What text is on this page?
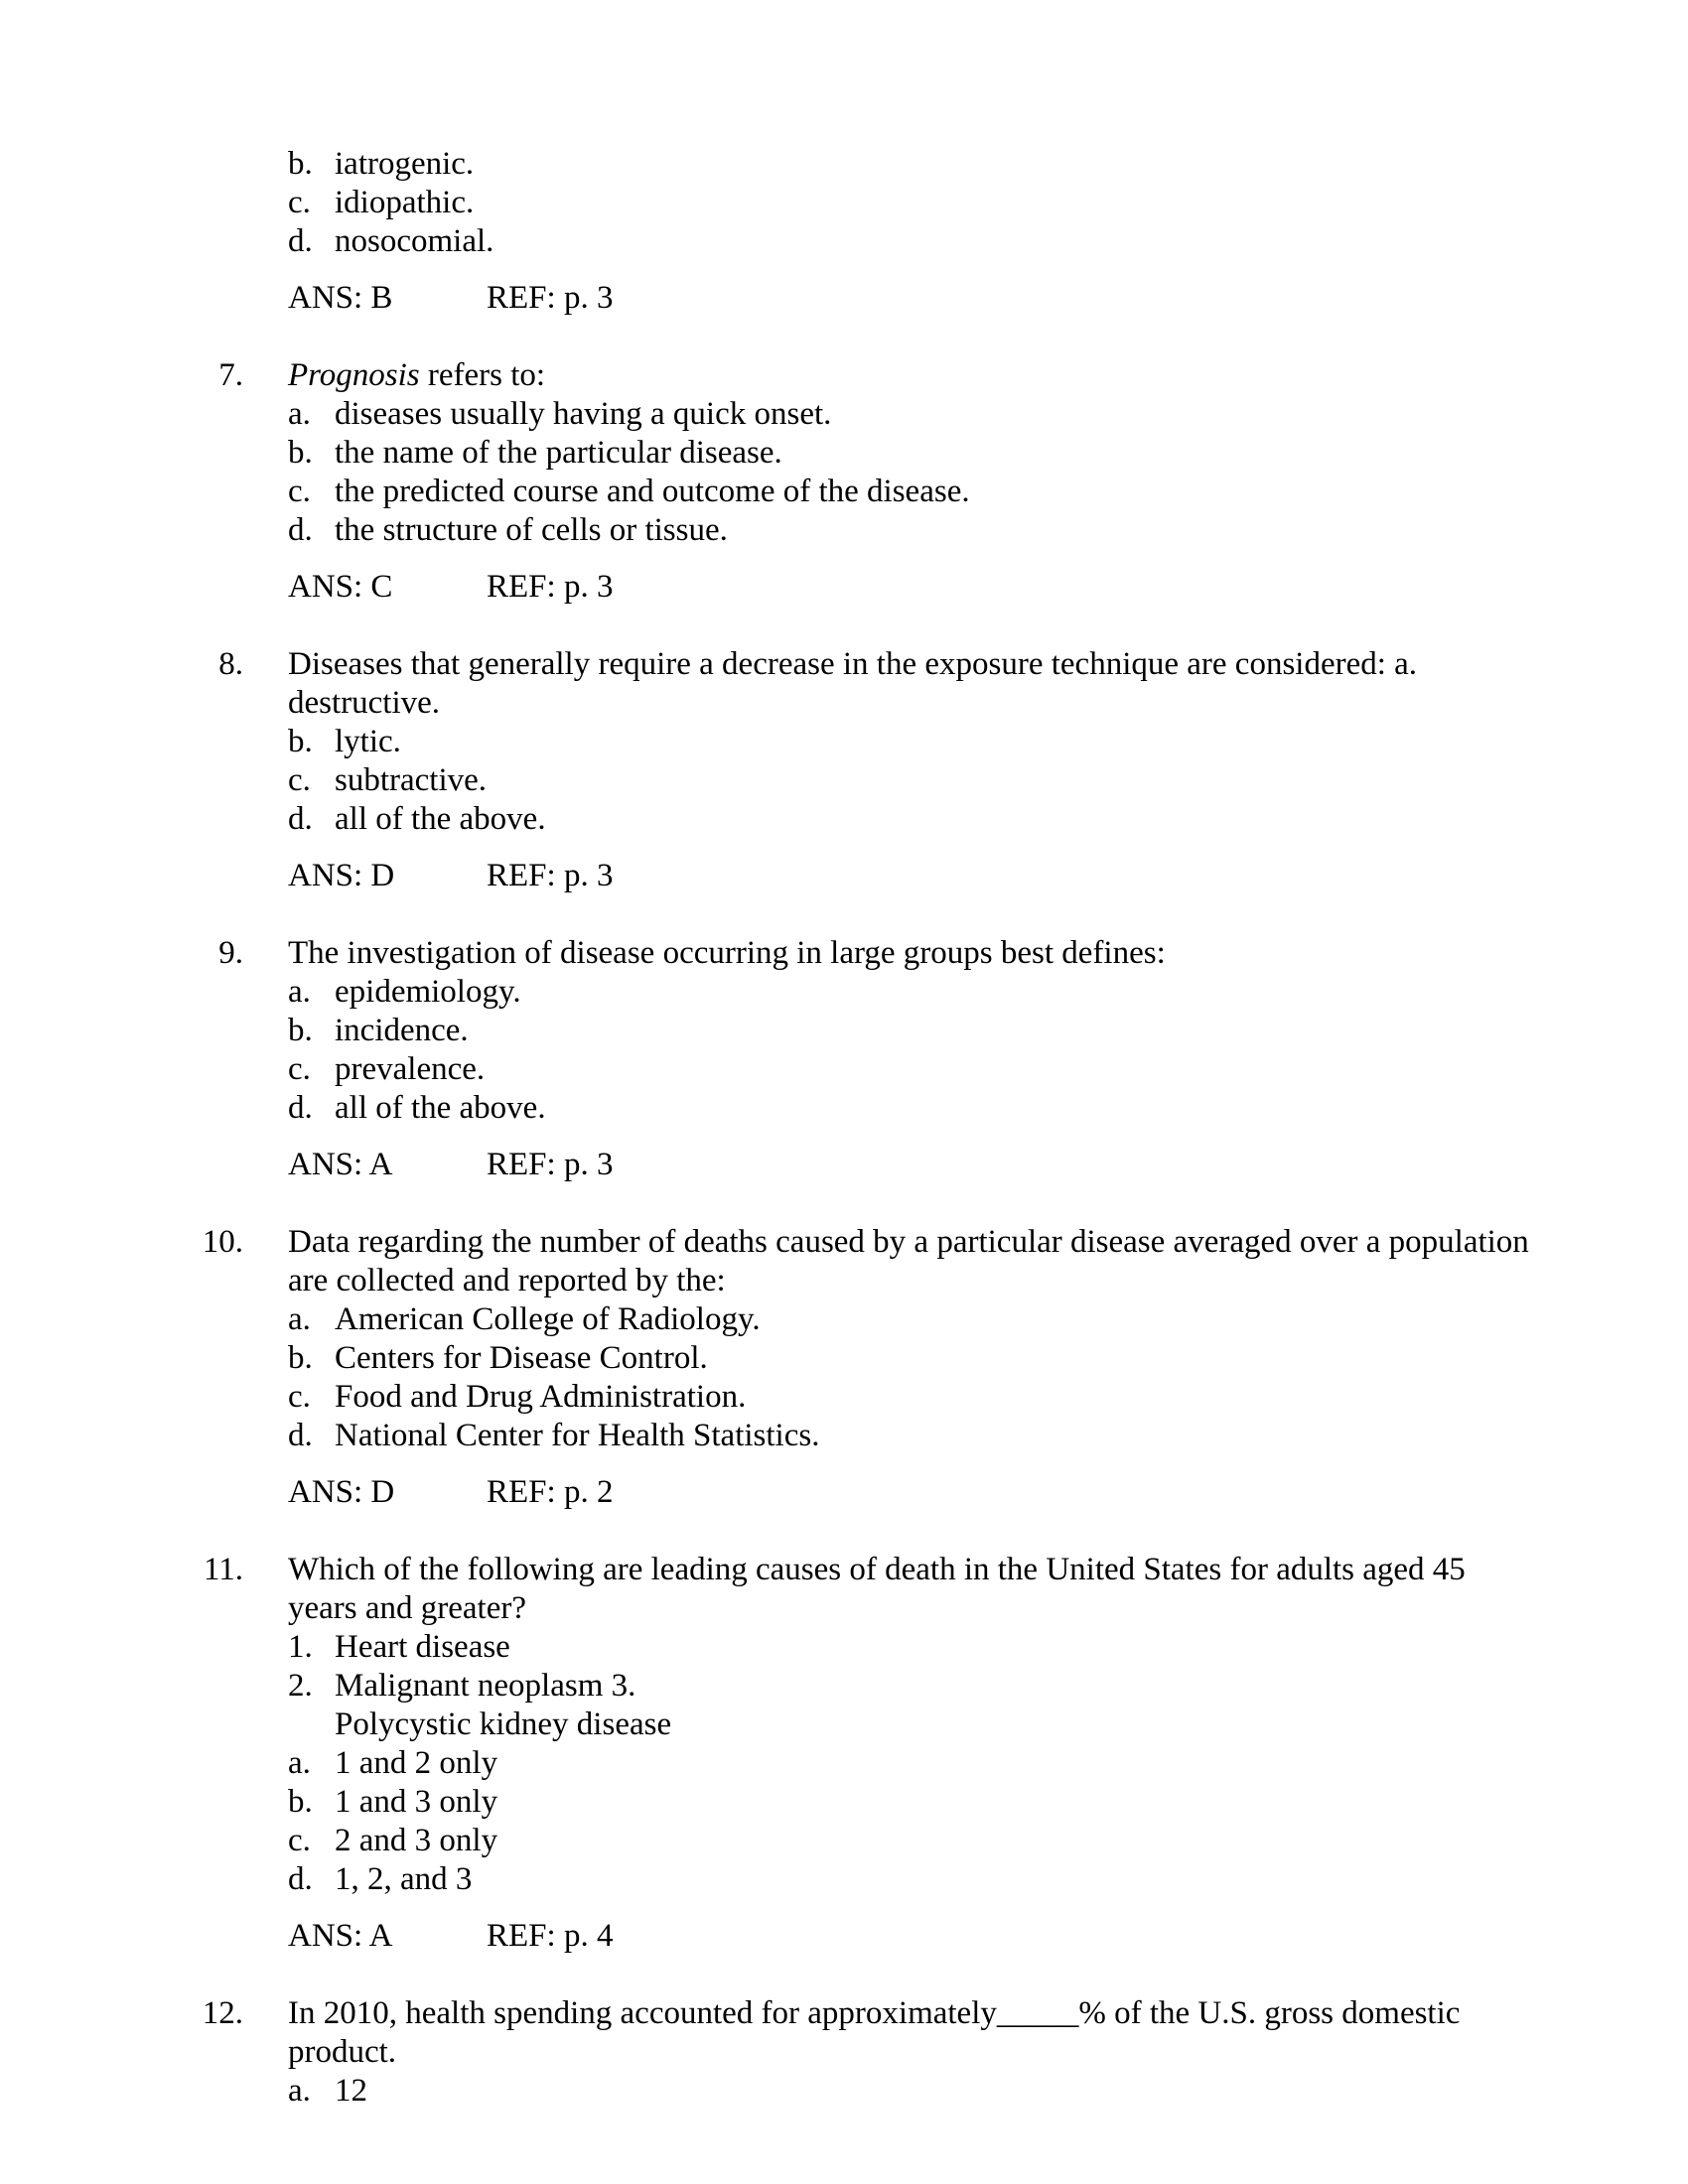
b. iatrogenic.
c. idiopathic.
d. nosocomial.
ANS: B	REF: p. 3
7. Prognosis refers to:
a. diseases usually having a quick onset.
b. the name of the particular disease.
c. the predicted course and outcome of the disease.
d. the structure of cells or tissue.
ANS: C	REF: p. 3
8. Diseases that generally require a decrease in the exposure technique are considered: a.
destructive.
b. lytic.
c. subtractive.
d. all of the above.
ANS: D	REF: p. 3
9. The investigation of disease occurring in large groups best defines:
a. epidemiology.
b. incidence.
c. prevalence.
d. all of the above.
ANS: A	REF: p. 3
10. Data regarding the number of deaths caused by a particular disease averaged over a population
are collected and reported by the:
a. American College of Radiology.
b. Centers for Disease Control.
c. Food and Drug Administration.
d. National Center for Health Statistics.
ANS: D	REF: p. 2
11. Which of the following are leading causes of death in the United States for adults aged 45
years and greater?
1. Heart disease
2. Malignant neoplasm 3.
Polycystic kidney disease
a. 1 and 2 only
b. 1 and 3 only
c. 2 and 3 only
d. 1, 2, and 3
ANS: A	REF: p. 4
12. In 2010, health spending accounted for approximately_____% of the U.S. gross domestic
product.
a. 12
